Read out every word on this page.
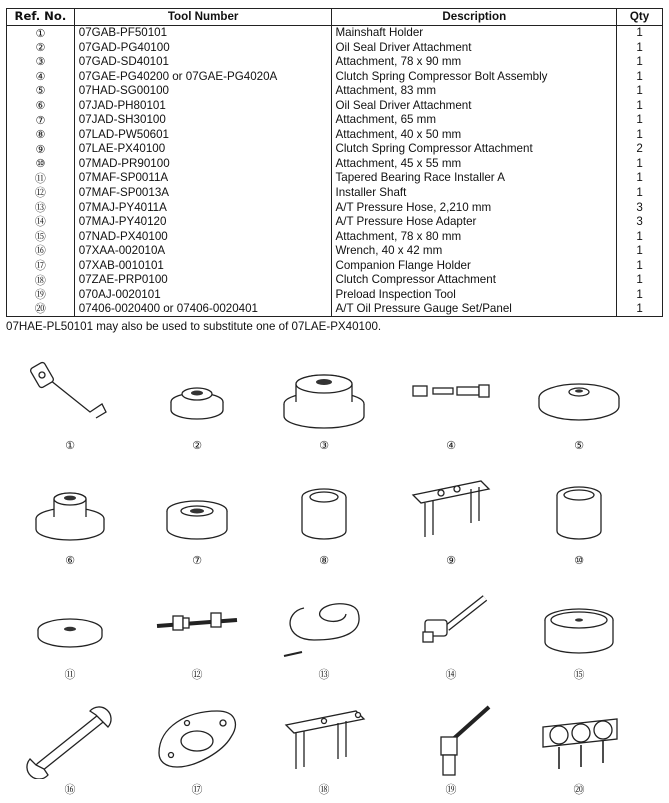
Ref. No.	Tool Number	Description	Qty
①	07GAB-PF50101	Mainshaft Holder	1
②	07GAD-PG40100	Oil Seal Driver Attachment	1
③	07GAD-SD40101	Attachment, 78 x 90 mm	1
④	07GAE-PG40200 or 07GAE-PG4020A	Clutch Spring Compressor Bolt Assembly	1
⑤	07HAD-SG00100	Attachment, 83 mm	1
⑥	07JAD-PH80101	Oil Seal Driver Attachment	1
⑦	07JAD-SH30100	Attachment, 65 mm	1
⑧	07LAD-PW50601	Attachment, 40 x 50 mm	1
⑨	07LAE-PX40100	Clutch Spring Compressor Attachment	2
⑩	07MAD-PR90100	Attachment, 45 x 55 mm	1
⑪	07MAF-SP0011A	Tapered Bearing Race Installer A	1
⑫	07MAF-SP0013A	Installer Shaft	1
⑬	07MAJ-PY4011A	A/T Pressure Hose, 2,210 mm	3
⑭	07MAJ-PY40120	A/T Pressure Hose Adapter	3
⑮	07NAD-PX40100	Attachment, 78 x 80 mm	1
⑯	07XAA-002010A	Wrench, 40 x 42 mm	1
⑰	07XAB-0010101	Companion Flange Holder	1
⑱	07ZAE-PRP0100	Clutch Compressor Attachment	1
⑲	070AJ-0020101	Preload Inspection Tool	1
⑳	07406-0020400 or 07406-0020401	A/T Oil Pressure Gauge Set/Panel	1
07HAE-PL50101 may also be used to substitute one of 07LAE-PX40100.
①	②	③	④	⑤
⑥	⑦	⑧	⑨	⑩
⑪	⑫	⑬	⑭	⑮
⑯	⑰	⑱	⑲	⑳
